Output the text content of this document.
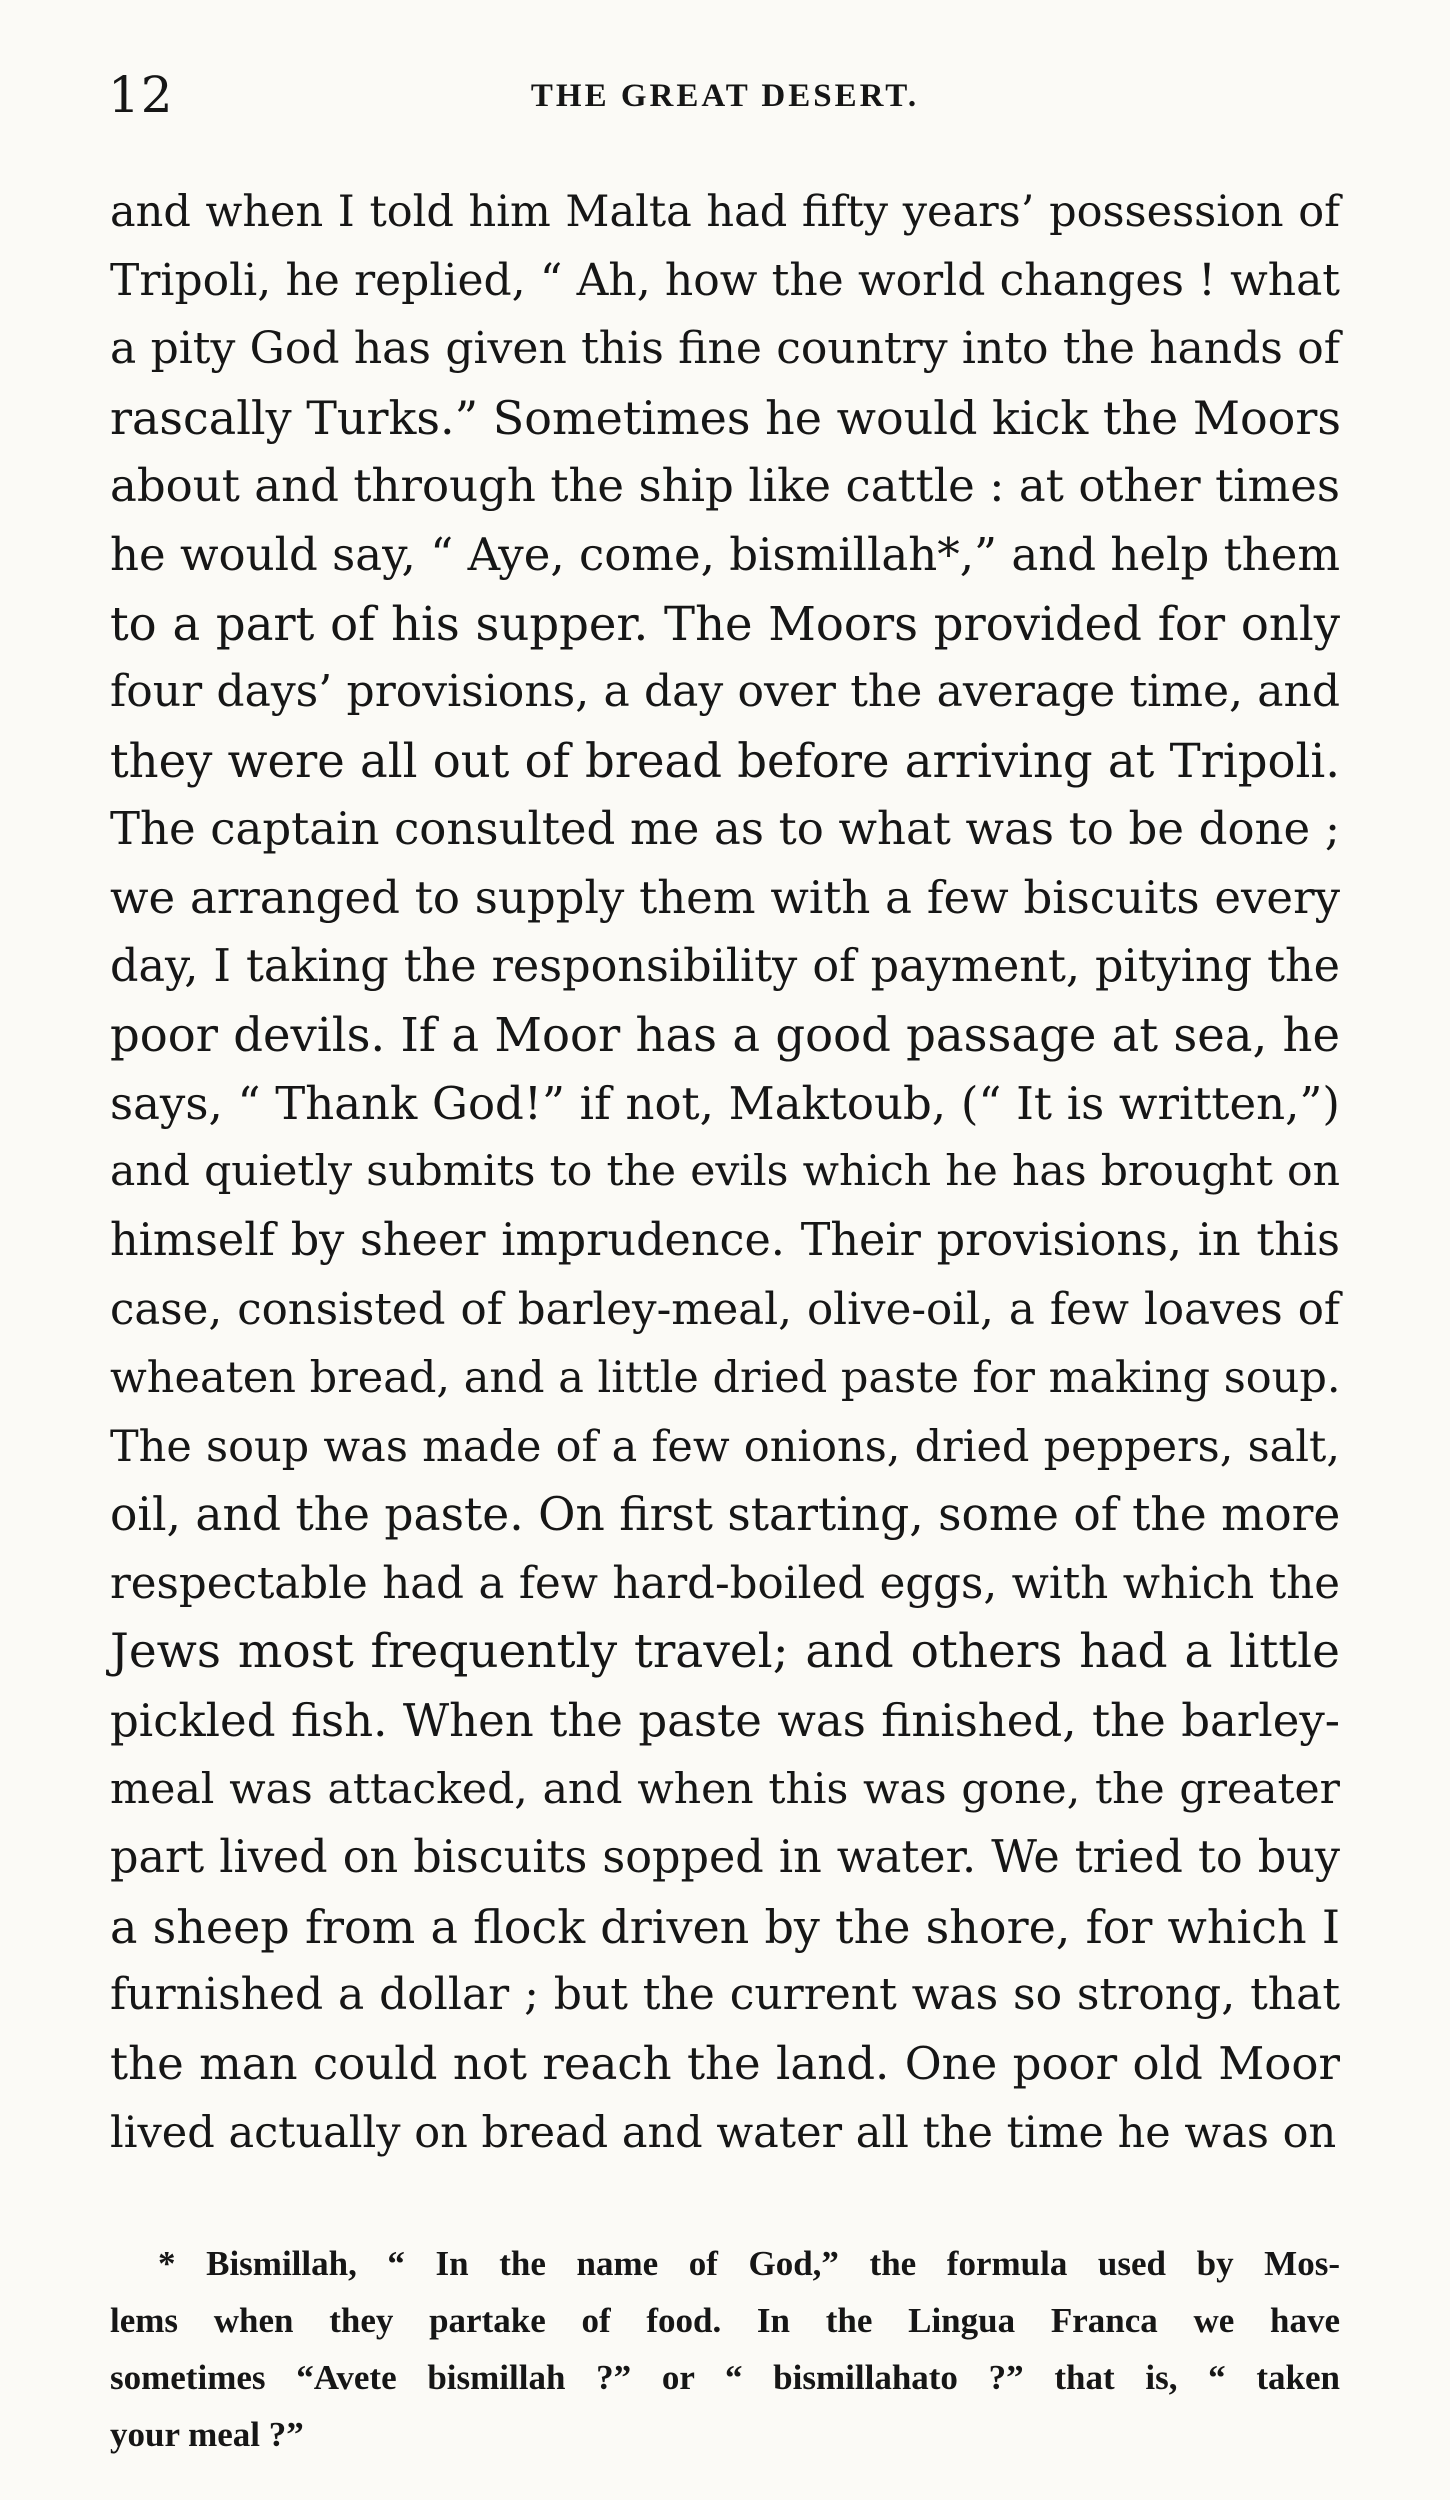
12	THE GREAT DESERT.
and when I told him Malta had fifty years’ possession of
Tripoli, he replied, “ Ah, how the world changes ! what
a pity God has given this fine country into the hands of
rascally Turks.” Sometimes he would kick the Moors
about and through the ship like cattle : at other times
he would say, “ Aye, come, bismillah*,” and help them
to a part of his supper. The Moors provided for only
four days’ provisions, a day over the average time, and
they were all out of bread before arriving at Tripoli.
The captain consulted me as to what was to be done ;
we arranged to supply them with a few biscuits every
day, I taking the responsibility of payment, pitying the
poor devils. If a Moor has a good passage at sea, he
says, “ Thank God!” if not, Maktoub, (“ It is written,”)
and quietly submits to the evils which he has brought on
himself by sheer imprudence. Their provisions, in this
case, consisted of barley-meal, olive-oil, a few loaves of
wheaten bread, and a little dried paste for making soup.
The soup was made of a few onions, dried peppers, salt,
oil, and the paste. On first starting, some of the more
respectable had a few hard-boiled eggs, with which the
Jews most frequently travel; and others had a little
pickled fish. When the paste was finished, the barley-
meal was attacked, and when this was gone, the greater
part lived on biscuits sopped in water. We tried to buy
a sheep from a flock driven by the shore, for which I
furnished a dollar ; but the current was so strong, that
the man could not reach the land. One poor old Moor
lived actually on bread and water all the time he was on
* Bismillah, “ In the name of God,” the formula used by Mos-
lems when they partake of food. In the Lingua Franca we have
sometimes “Avete bismillah ?” or “ bismillahato ?” that is, “ taken
your meal ?”
